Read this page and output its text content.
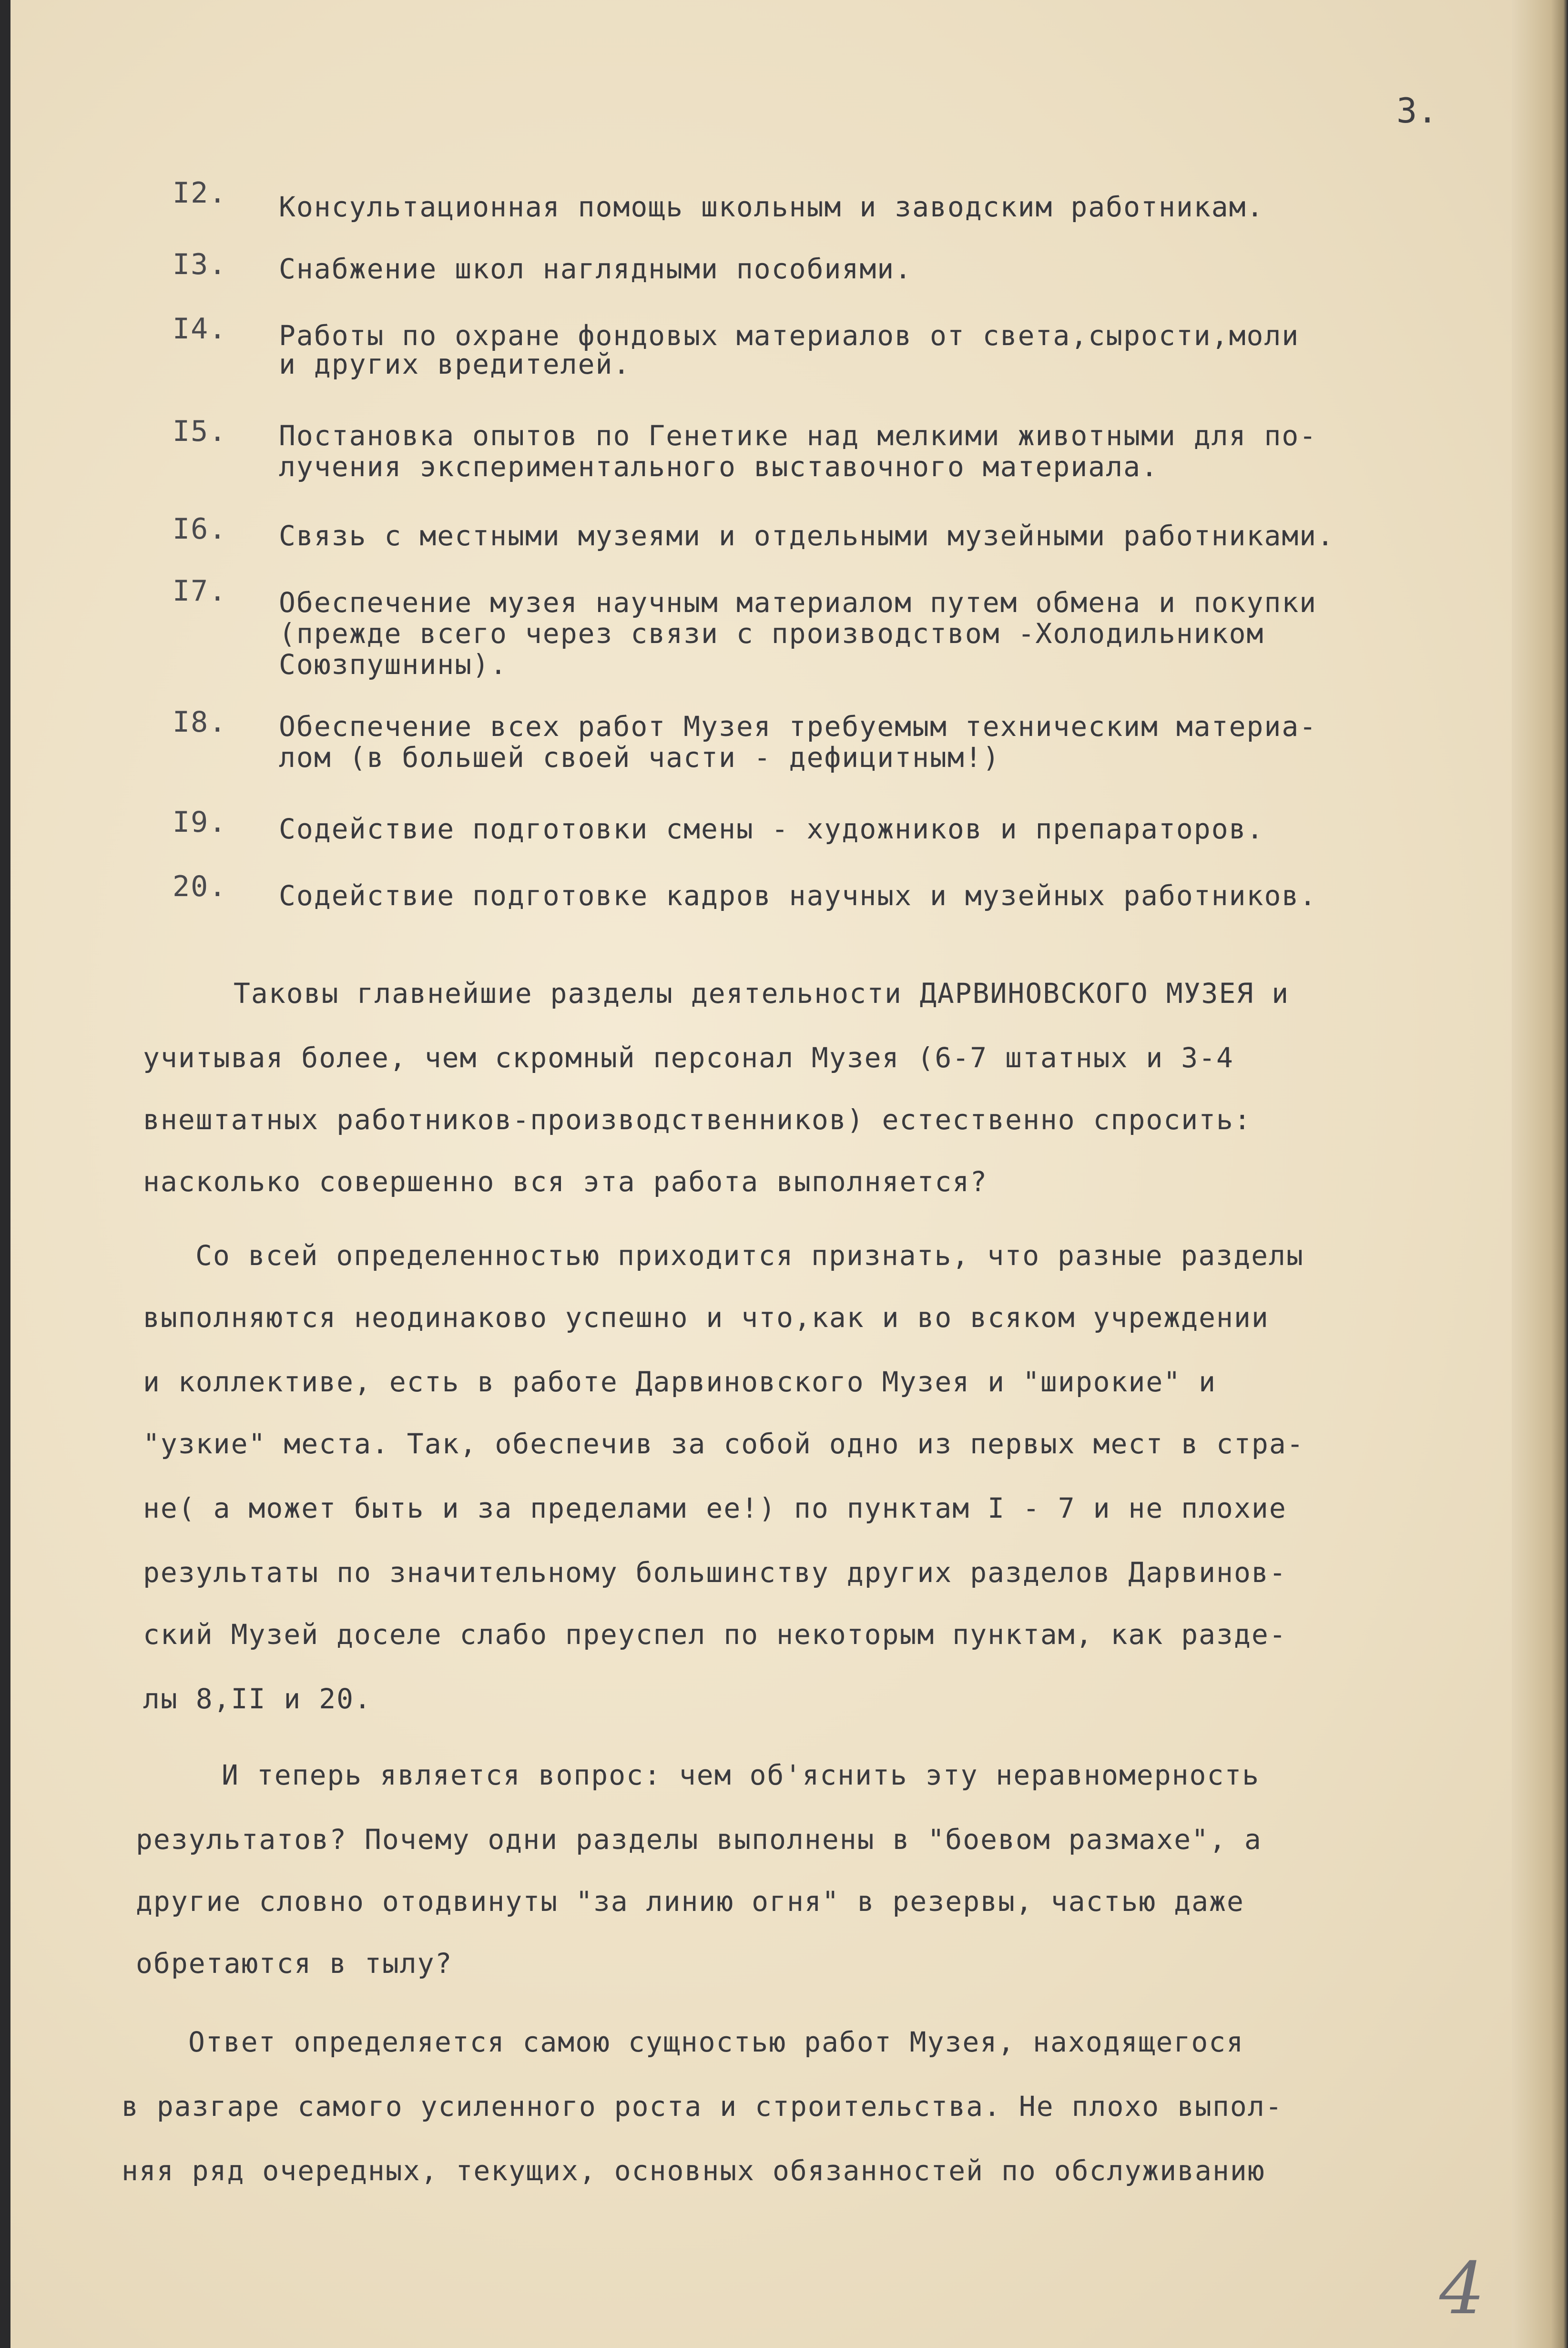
3.
I2. Консультационная помощь школьным и заводским работникам.
I3. Снабжение школ наглядными пособиями.
I4. Работы по охране фондовых материалов от света,сырости,моли
и других вредителей.
I5. Постановка опытов по Генетике над мелкими животными для по-
лучения экспериментального выставочного материала.
I6. Связь с местными музеями и отдельными музейными работниками.
I7. Обеспечение музея научным материалом путем обмена и покупки
(прежде всего через связи с производством -Холодильником
Союзпушнины).
I8. Обеспечение всех работ Музея требуемым техническим материа-
лом (в большей своей части - дефицитным!)
I9. Содействие подготовки смены - художников и препараторов.
20. Содействие подготовке кадров научных и музейных работников.
Таковы главнейшие разделы деятельности ДАРВИНОВСКОГО МУЗЕЯ и
учитывая более, чем скромный персонал Музея (6-7 штатных и 3-4
внештатных работников-производственников) естественно спросить:
насколько совершенно вся эта работа выполняется?
Со всей определенностью приходится признать, что разные разделы
выполняются неодинаково успешно и что,как и во всяком учреждении
и коллективе, есть в работе Дарвиновского Музея и "широкие" и
"узкие" места. Так, обеспечив за собой одно из первых мест в стра-
не( а может быть и за пределами ее!) по пунктам I - 7 и не плохие
результаты по значительному большинству других разделов Дарвинов-
ский Музей доселе слабо преуспел по некоторым пунктам, как разде-
лы 8,II и 20.
И теперь является вопрос: чем об'яснить эту неравномерность
результатов? Почему одни разделы выполнены в "боевом размахе", а
другие словно отодвинуты "за линию огня" в резервы, частью даже
обретаются в тылу?
Ответ определяется самою сущностью работ Музея, находящегося
в разгаре самого усиленного роста и строительства. Не плохо выпол-
няя ряд очередных, текущих, основных обязанностей по обслуживанию
4
